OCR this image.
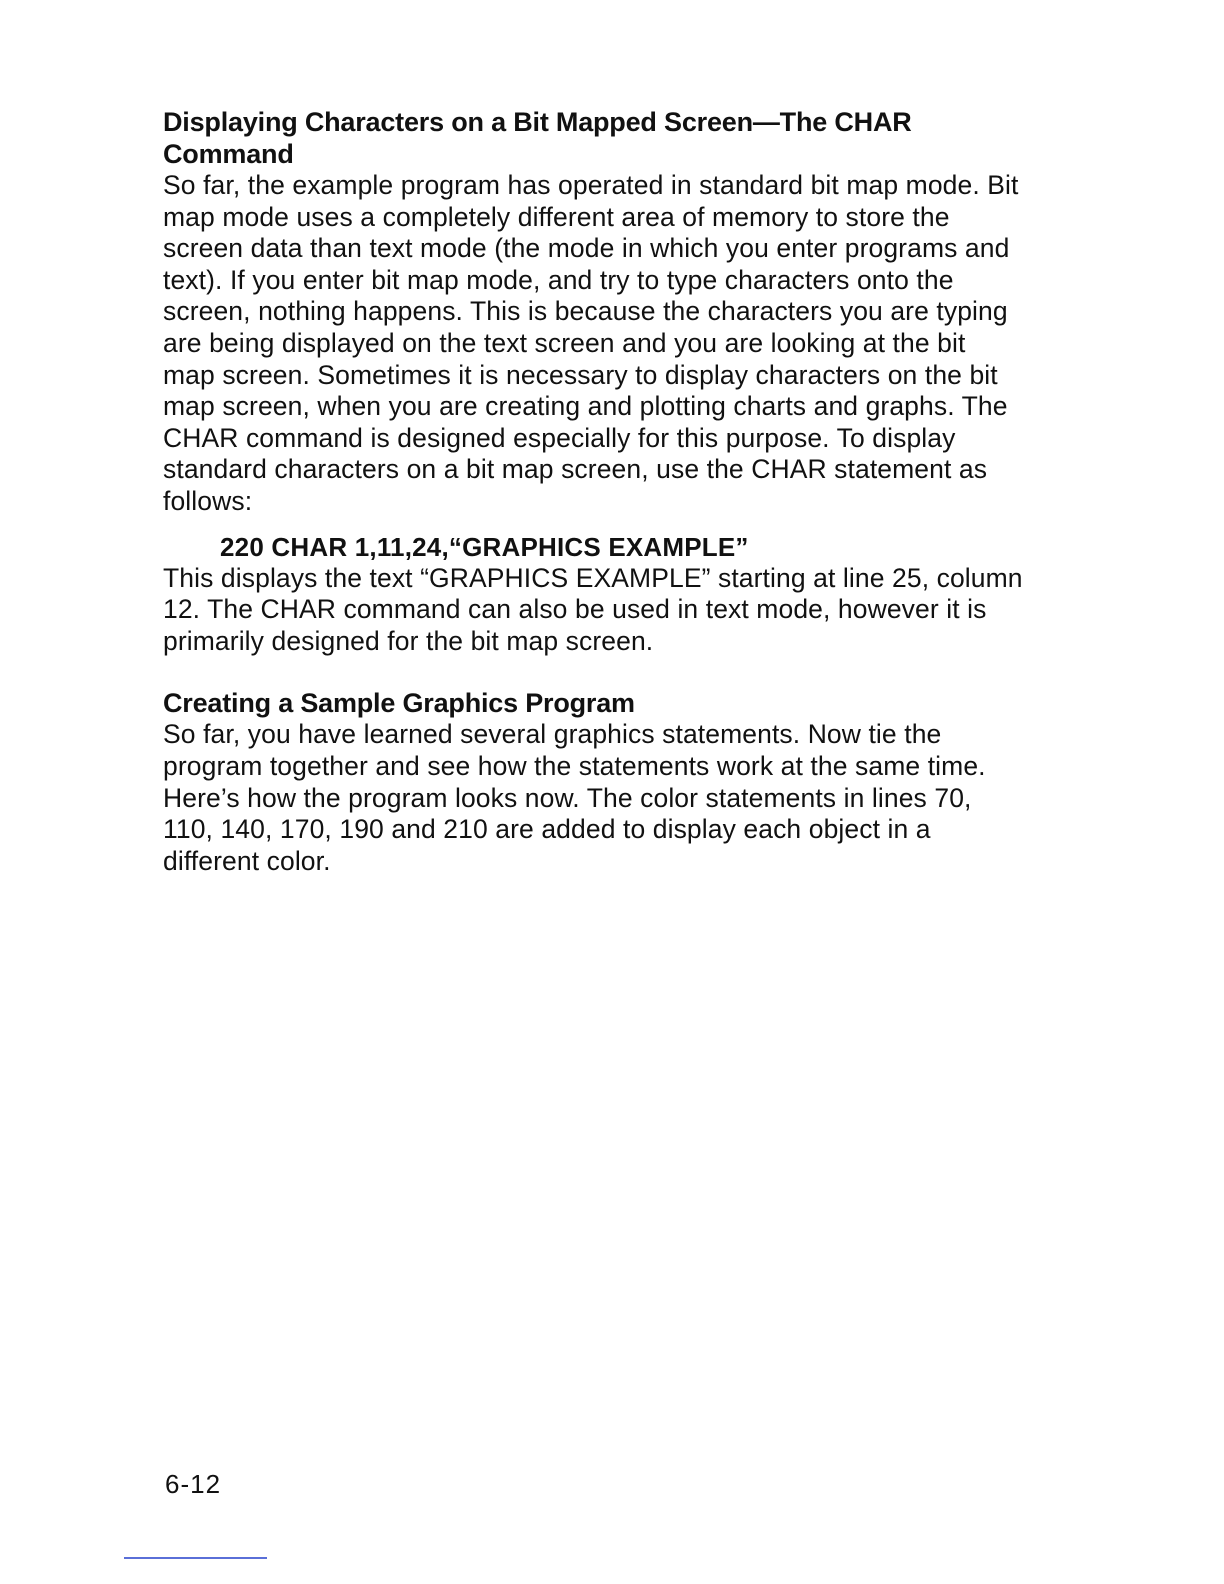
Displaying Characters on a Bit Mapped Screen—The CHAR Command

So far, the example program has operated in standard bit map mode. Bit map mode uses a completely different area of memory to store the screen data than text mode (the mode in which you enter programs and text). If you enter bit map mode, and try to type characters onto the screen, nothing happens. This is because the characters you are typing are being displayed on the text screen and you are looking at the bit map screen. Sometimes it is necessary to display characters on the bit map screen, when you are creating and plotting charts and graphs. The CHAR command is designed especially for this purpose. To display standard characters on a bit map screen, use the CHAR statement as follows:

220 CHAR 1,11,24,“GRAPHICS EXAMPLE”

This displays the text “GRAPHICS EXAMPLE” starting at line 25, column 12. The CHAR command can also be used in text mode, however it is primarily designed for the bit map screen.

Creating a Sample Graphics Program

So far, you have learned several graphics statements. Now tie the program together and see how the statements work at the same time. Here’s how the program looks now. The color statements in lines 70, 110, 140, 170, 190 and 210 are added to display each object in a different color.

6-12
